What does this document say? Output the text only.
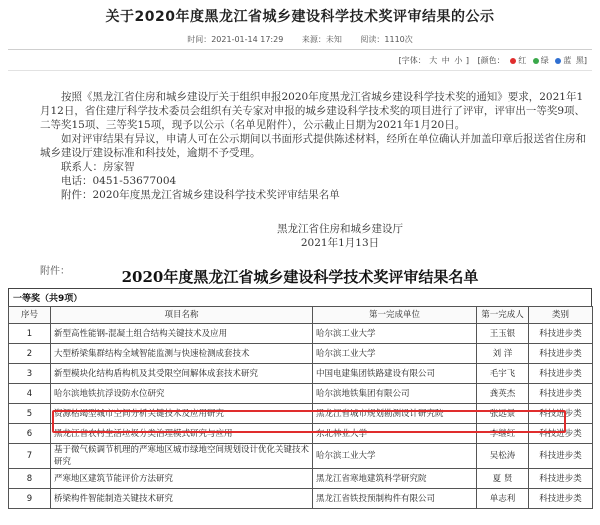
关于2020年度黑龙江省城乡建设科学技术奖评审结果的公示
时间：2021-01-14 17:29 来源：未知 阅读：1110次
[字体： 大 中 小 ] [颜色： 红 绿 蓝 黑]

按照《黑龙江省住房和城乡建设厅关于组织申报2020年度黑龙江省城乡建设科学技术奖的通知》要求，2021年1月12日，省住建厅科学技术委员会组织有关专家对申报的城乡建设科学技术奖的项目进行了评审，评审出一等奖9项、二等奖15项、三等奖15项，现予以公示（名单见附件），公示截止日期为2021年1月20日。

如对评审结果有异议，申请人可在公示期间以书面形式提供陈述材料，经所在单位确认并加盖印章后报送省住房和城乡建设厅建设标准和科技处，逾期不予受理。

联系人：房家智

电话：0451-53677004

附件：2020年度黑龙江省城乡建设科学技术奖评审结果名单

黑龙江省住房和城乡建设厅
2021年1月13日
附件：	2020年度黑龙江省城乡建设科学技术奖评审结果名单
一等奖（共9项）
序号	项目名称	第一完成单位	第一完成人	类别
1	新型高性能钢-混凝土组合结构关键技术及应用	哈尔滨工业大学	王玉银	科技进步类
2	大型桥梁集群结构全域智能监测与快速检测成套技术	哈尔滨工业大学	刘 洋	科技进步类
3	新型模块化结构盾构机及其受限空间解体成套技术研究	中国电建集团铁路建设有限公司	毛宇飞	科技进步类
4	哈尔滨地铁抗浮设防水位研究	哈尔滨地铁集团有限公司	龚英杰	科技进步类
5	资源枯竭型城市空间分析关键技术及应用研究	黑龙江省城市规划勘测设计研究院	张远景	科技进步类
6	黑龙江省农村生活垃圾分类治理模式研究与应用	东北林业大学	李继红	科技进步类
7	基于微气候调节机理的严寒地区城市绿地空间规划设计优化关键技术研究	哈尔滨工业大学	吴松涛	科技进步类
8	严寒地区建筑节能评价方法研究	黑龙江省寒地建筑科学研究院	夏 贤	科技进步类
9	桥梁构件智能制造关键技术研究	黑龙江省铁投预制构件有限公司	单志利	科技进步类
